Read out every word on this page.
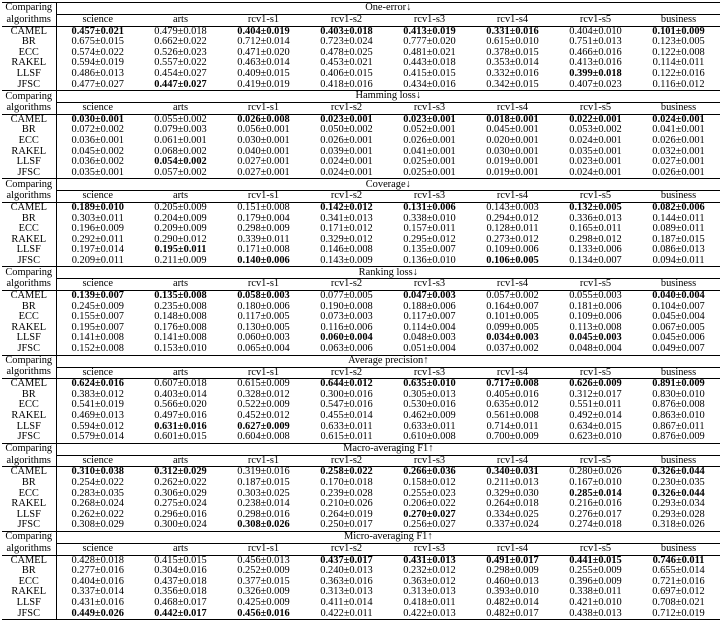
Comparing	One-error↓							
algorithms	science	arts	rcv1-s1	rcv1-s2	rcv1-s3	rcv1-s4	rcv1-s5	business
CAMEL	0.457±0.021	0.479±0.018	0.404±0.019	0.403±0.018	0.413±0.019	0.331±0.016	0.404±0.010	0.101±0.009
BR	0.675±0.015	0.662±0.022	0.712±0.014	0.723±0.024	0.777±0.020	0.615±0.010	0.751±0.013	0.123±0.005
ECC	0.574±0.022	0.526±0.023	0.471±0.020	0.478±0.025	0.481±0.021	0.378±0.015	0.466±0.016	0.122±0.008
RAKEL	0.594±0.019	0.557±0.022	0.463±0.014	0.453±0.021	0.443±0.018	0.353±0.014	0.413±0.016	0.114±0.011
LLSF	0.486±0.013	0.454±0.027	0.409±0.015	0.406±0.015	0.415±0.015	0.332±0.016	0.399±0.018	0.122±0.016
JFSC	0.477±0.027	0.447±0.027	0.419±0.019	0.418±0.016	0.434±0.016	0.342±0.015	0.407±0.023	0.116±0.012
Comparing	Hamming loss↓							
algorithms	science	arts	rcv1-s1	rcv1-s2	rcv1-s3	rcv1-s4	rcv1-s5	business
CAMEL	0.030±0.001	0.055±0.002	0.026±0.008	0.023±0.001	0.023±0.001	0.018±0.001	0.022±0.001	0.024±0.001
BR	0.072±0.002	0.079±0.003	0.056±0.001	0.050±0.002	0.052±0.001	0.045±0.001	0.053±0.002	0.041±0.001
ECC	0.036±0.001	0.061±0.001	0.030±0.001	0.026±0.001	0.026±0.001	0.020±0.001	0.024±0.001	0.026±0.001
RAKEL	0.045±0.002	0.068±0.002	0.040±0.001	0.039±0.001	0.041±0.001	0.030±0.001	0.035±0.001	0.032±0.001
LLSF	0.036±0.002	0.054±0.002	0.027±0.001	0.024±0.001	0.025±0.001	0.019±0.001	0.023±0.001	0.027±0.001
JFSC	0.035±0.001	0.057±0.002	0.027±0.001	0.024±0.001	0.025±0.001	0.019±0.001	0.024±0.001	0.026±0.001
Comparing	Coverage↓							
algorithms	science	arts	rcv1-s1	rcv1-s2	rcv1-s3	rcv1-s4	rcv1-s5	business
CAMEL	0.189±0.010	0.205±0.009	0.151±0.008	0.142±0.012	0.131±0.006	0.143±0.003	0.132±0.005	0.082±0.006
BR	0.303±0.011	0.204±0.009	0.179±0.004	0.341±0.013	0.338±0.010	0.294±0.012	0.336±0.013	0.144±0.011
ECC	0.196±0.009	0.209±0.009	0.298±0.009	0.171±0.012	0.157±0.011	0.128±0.011	0.165±0.011	0.089±0.011
RAKEL	0.292±0.011	0.290±0.012	0.339±0.011	0.329±0.012	0.295±0.012	0.273±0.012	0.298±0.012	0.187±0.015
LLSF	0.197±0.014	0.195±0.011	0.171±0.008	0.146±0.008	0.135±0.007	0.109±0.006	0.133±0.006	0.086±0.013
JFSC	0.209±0.011	0.211±0.009	0.140±0.006	0.143±0.009	0.136±0.010	0.106±0.005	0.134±0.007	0.094±0.011
Comparing	Ranking loss↓							
algorithms	science	arts	rcv1-s1	rcv1-s2	rcv1-s3	rcv1-s4	rcv1-s5	business
CAMEL	0.139±0.007	0.135±0.008	0.058±0.003	0.077±0.005	0.047±0.003	0.057±0.002	0.055±0.003	0.040±0.004
BR	0.245±0.009	0.235±0.008	0.180±0.006	0.190±0.008	0.188±0.006	0.164±0.007	0.181±0.006	0.104±0.007
ECC	0.155±0.007	0.148±0.008	0.117±0.005	0.073±0.003	0.117±0.007	0.101±0.005	0.109±0.006	0.045±0.004
RAKEL	0.195±0.007	0.176±0.008	0.130±0.005	0.116±0.006	0.114±0.004	0.099±0.005	0.113±0.008	0.067±0.005
LLSF	0.141±0.008	0.141±0.008	0.060±0.003	0.060±0.004	0.048±0.003	0.034±0.003	0.045±0.003	0.045±0.006
JFSC	0.152±0.008	0.153±0.010	0.065±0.004	0.063±0.006	0.051±0.004	0.037±0.002	0.048±0.004	0.049±0.007
Comparing	Average precision↑							
algorithms	science	arts	rcv1-s1	rcv1-s2	rcv1-s3	rcv1-s4	rcv1-s5	business
CAMEL	0.624±0.016	0.607±0.018	0.615±0.009	0.644±0.012	0.635±0.010	0.717±0.008	0.626±0.009	0.891±0.009
BR	0.383±0.012	0.403±0.014	0.328±0.012	0.300±0.016	0.305±0.013	0.405±0.016	0.312±0.017	0.830±0.010
ECC	0.541±0.019	0.566±0.020	0.522±0.009	0.547±0.016	0.530±0.016	0.635±0.012	0.551±0.011	0.876±0.008
RAKEL	0.469±0.013	0.497±0.016	0.452±0.012	0.455±0.014	0.462±0.009	0.561±0.008	0.492±0.014	0.863±0.010
LLSF	0.594±0.012	0.631±0.016	0.627±0.009	0.633±0.011	0.633±0.011	0.714±0.011	0.634±0.015	0.867±0.011
JFSC	0.579±0.014	0.601±0.015	0.604±0.008	0.615±0.011	0.610±0.008	0.700±0.009	0.623±0.010	0.876±0.009
Comparing	Macro-averaging F1↑							
algorithms	science	arts	rcv1-s1	rcv1-s2	rcv1-s3	rcv1-s4	rcv1-s5	business
CAMEL	0.310±0.038	0.312±0.029	0.319±0.016	0.258±0.022	0.266±0.036	0.340±0.031	0.280±0.026	0.326±0.044
BR	0.254±0.022	0.262±0.022	0.187±0.015	0.170±0.018	0.158±0.012	0.211±0.013	0.167±0.010	0.230±0.035
ECC	0.283±0.035	0.306±0.029	0.303±0.025	0.239±0.028	0.255±0.023	0.329±0.030	0.285±0.014	0.326±0.044
RAKEL	0.268±0.024	0.275±0.024	0.238±0.014	0.210±0.026	0.206±0.022	0.264±0.018	0.216±0.016	0.293±0.034
LLSF	0.262±0.022	0.296±0.016	0.298±0.016	0.264±0.019	0.270±0.027	0.334±0.025	0.276±0.017	0.293±0.028
JFSC	0.308±0.029	0.300±0.024	0.308±0.026	0.250±0.017	0.256±0.027	0.337±0.024	0.274±0.018	0.318±0.026
Comparing	Micro-averaging F1↑							
algorithms	science	arts	rcv1-s1	rcv1-s2	rcv1-s3	rcv1-s4	rcv1-s5	business
CAMEL	0.428±0.018	0.415±0.015	0.456±0.013	0.437±0.017	0.431±0.013	0.491±0.017	0.441±0.015	0.746±0.011
BR	0.277±0.016	0.304±0.016	0.252±0.009	0.240±0.013	0.232±0.012	0.298±0.009	0.255±0.009	0.655±0.014
ECC	0.404±0.016	0.437±0.018	0.377±0.015	0.363±0.016	0.363±0.012	0.460±0.013	0.396±0.009	0.721±0.016
RAKEL	0.337±0.014	0.356±0.018	0.326±0.009	0.313±0.013	0.313±0.013	0.393±0.010	0.338±0.011	0.697±0.012
LLSF	0.431±0.016	0.468±0.017	0.425±0.009	0.411±0.014	0.418±0.011	0.482±0.014	0.421±0.010	0.708±0.021
JFSC	0.449±0.026	0.442±0.017	0.456±0.016	0.422±0.011	0.422±0.013	0.482±0.017	0.438±0.013	0.712±0.019
